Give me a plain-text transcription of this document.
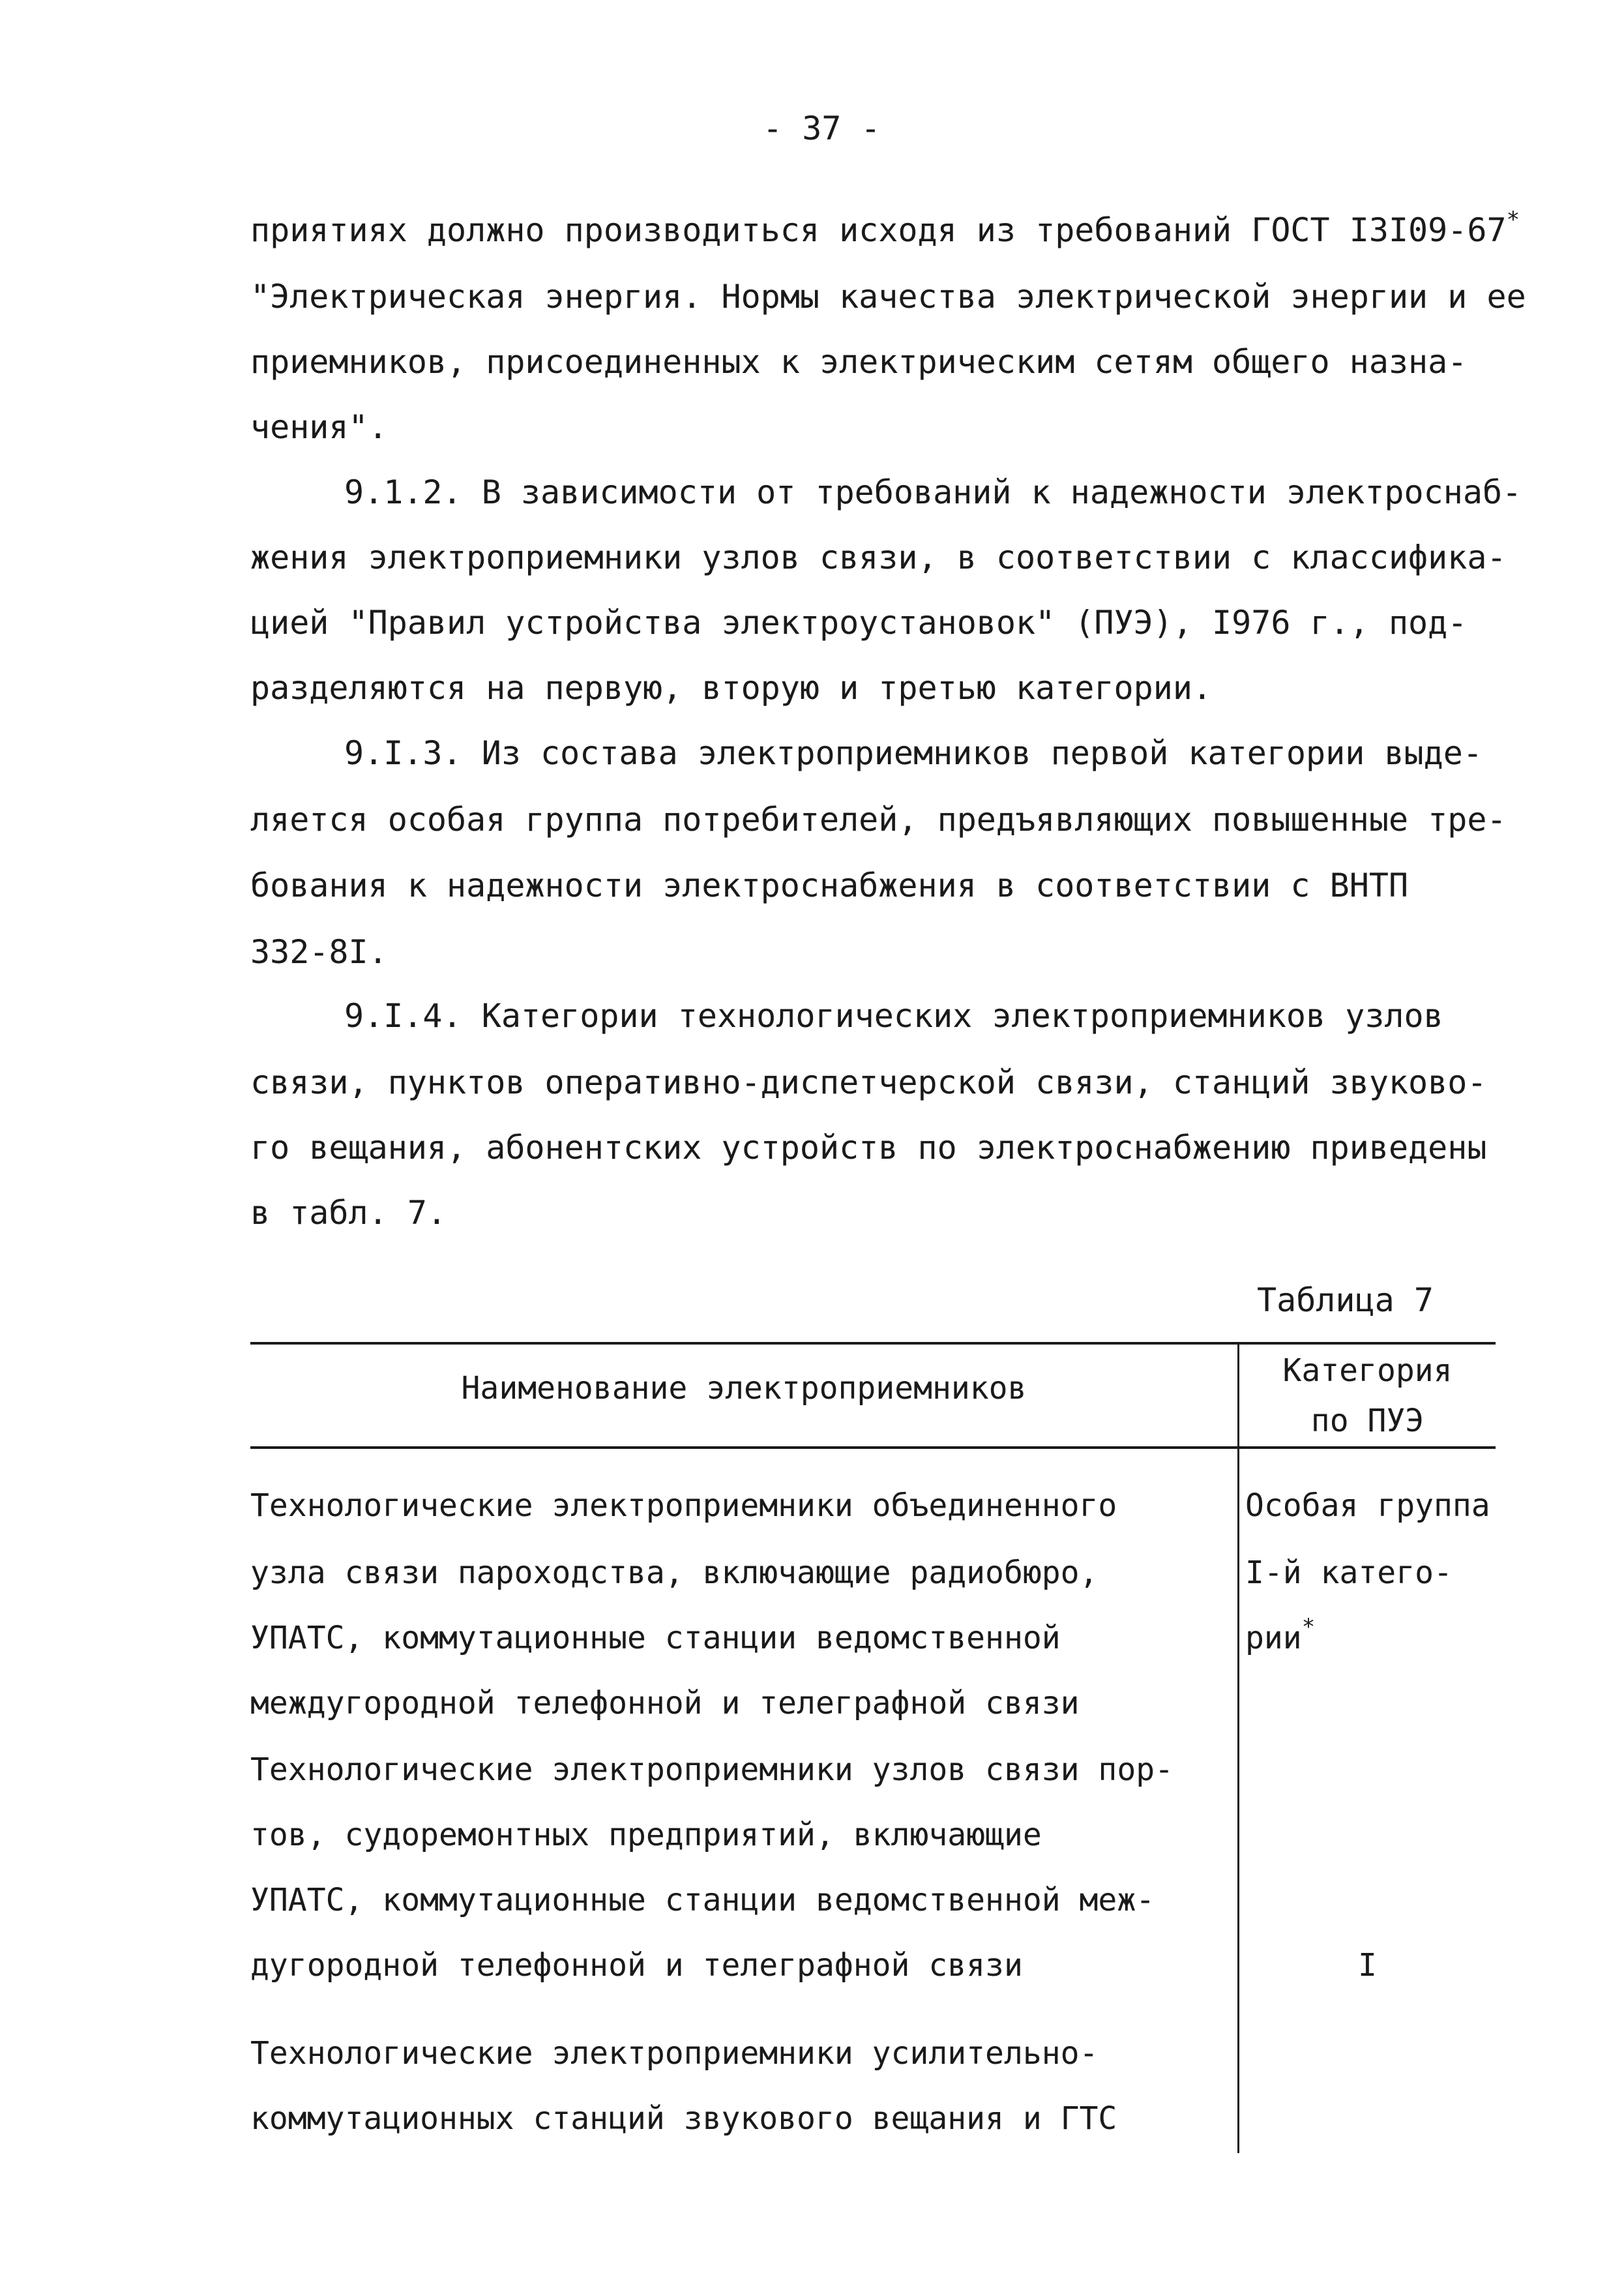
- 37 -
приятиях должно производиться исходя из требований ГОСТ I3I09-67*
"Электрическая энергия. Нормы качества электрической энергии и ее
приемников, присоединенных к электрическим сетям общего назна-
чения".
9.1.2. В зависимости от требований к надежности электроснаб-
жения электроприемники узлов связи, в соответствии с классифика-
цией "Правил устройства электроустановок" (ПУЭ), I976 г., под-
разделяются на первую, вторую и третью категории.
9.I.3. Из состава электроприемников первой категории выде-
ляется особая группа потребителей, предъявляющих повышенные тре-
бования к надежности электроснабжения в соответствии с ВНТП
332-8I.
9.I.4. Категории технологических электроприемников узлов
связи, пунктов оперативно-диспетчерской связи, станций звуково-
го вещания, абонентских устройств по электроснабжению приведены
в табл. 7.
Таблица 7
Наименование электроприемников	Категория
по ПУЭ
Технологические электроприемники объединенного
узла связи пароходства, включающие радиобюро,
УПАТС, коммутационные станции ведомственной
междугородной телефонной и телеграфной связи
Особая группа
I-й катего-
рии*
Технологические электроприемники узлов связи пор-
тов, судоремонтных предприятий, включающие
УПАТС, коммутационные станции ведомственной меж-
дугородной телефонной и телеграфной связи	I
Технологические электроприемники усилительно-
коммутационных станций звукового вещания и ГТС
